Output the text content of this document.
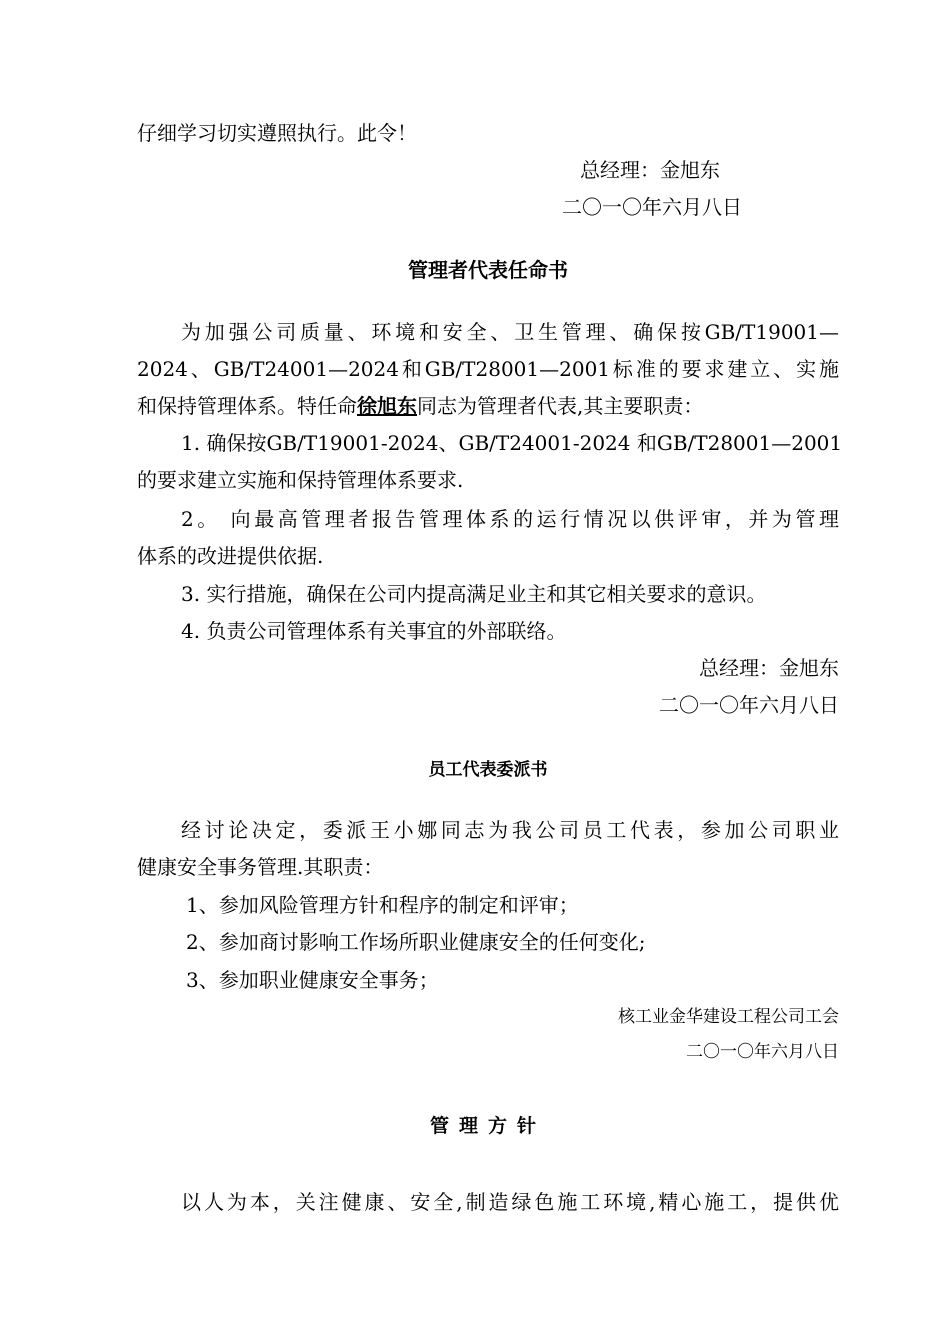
仔细学习切实遵照执行。此令！
总经理：金旭东
二〇一〇年六月八日
管理者代表任命书
为加强公司质量、环境和安全、卫生管理、确保按GB/T19001—
2024、GB/T24001—2024和GB/T28001—2001标准的要求建立、实施
和保持管理体系。特任命徐旭东同志为管理者代表,其主要职责：
1. 确保按GB/T19001-2024、GB/T24001-2024 和GB/T28001—2001
的要求建立实施和保持管理体系要求.
2。 向最高管理者报告管理体系的运行情况以供评审，并为管理
体系的改进提供依据.
3. 实行措施，确保在公司内提高满足业主和其它相关要求的意识。
4. 负责公司管理体系有关事宜的外部联络。
总经理：金旭东
二〇一〇年六月八日
员工代表委派书
经讨论决定，委派王小娜同志为我公司员工代表，参加公司职业
健康安全事务管理.其职责：
1、参加风险管理方针和程序的制定和评审；
2、参加商讨影响工作场所职业健康安全的任何变化;
3、参加职业健康安全事务；
核工业金华建设工程公司工会
二〇一〇年六月八日
管理方针
以人为本，关注健康、安全,制造绿色施工环境,精心施工，提供优
